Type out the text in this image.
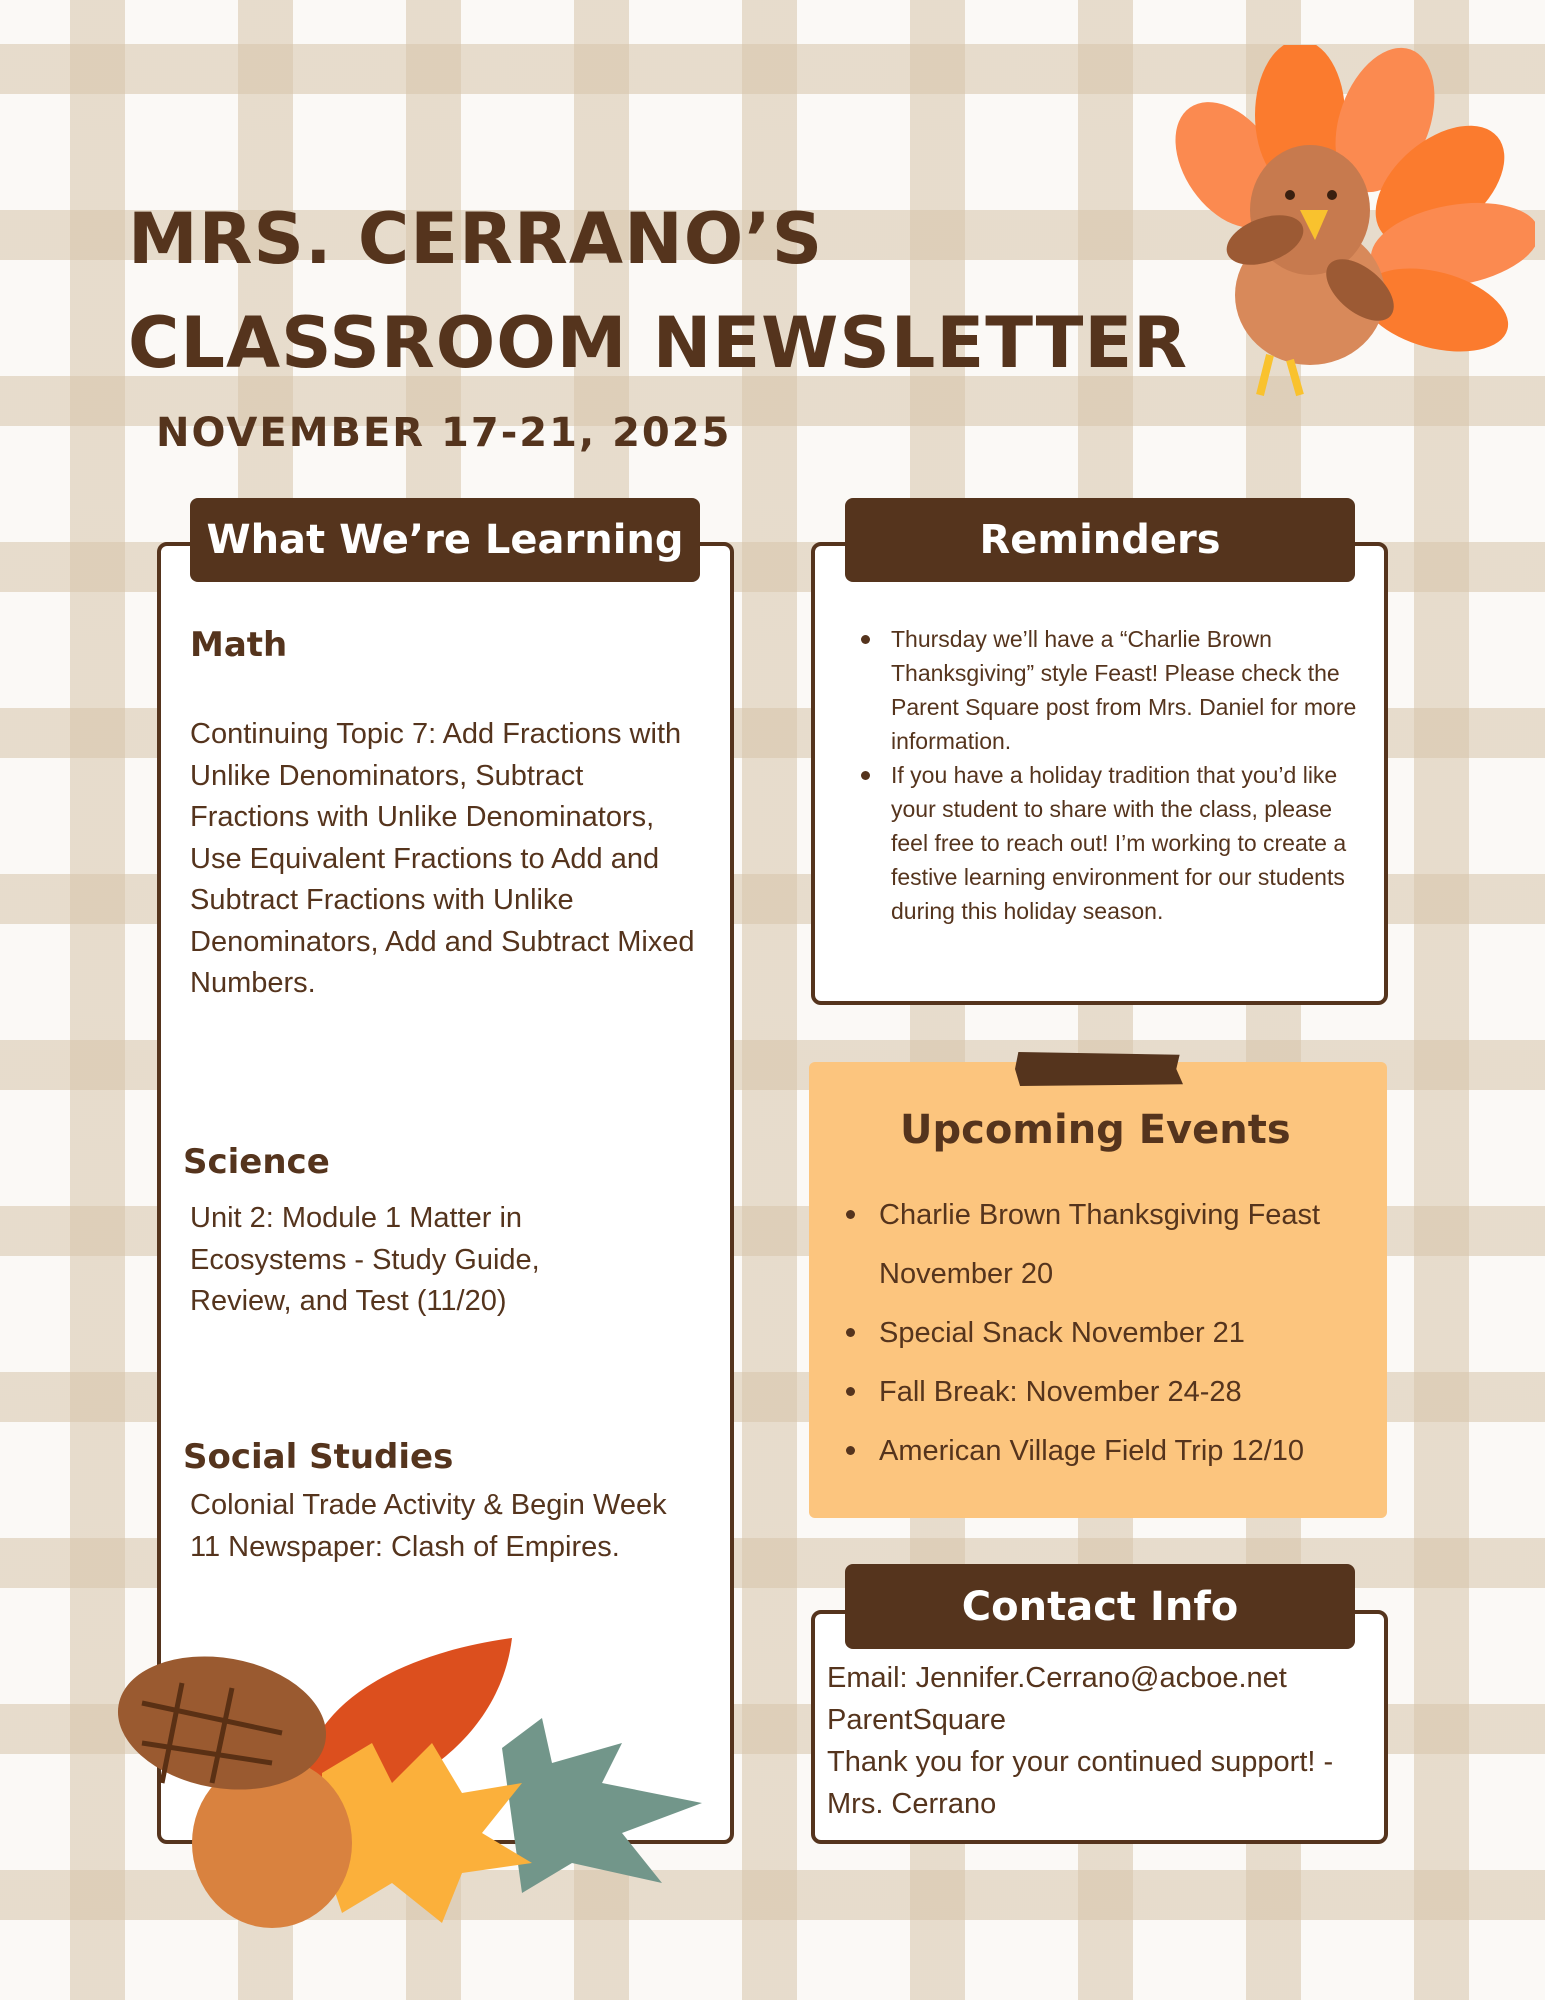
MRS. CERRANO’S
CLASSROOM NEWSLETTER
NOVEMBER 17-21, 2025
What We’re Learning
Math
Continuing Topic 7: Add Fractions with Unlike Denominators, Subtract Fractions with Unlike Denominators, Use Equivalent Fractions to Add and Subtract Fractions with Unlike Denominators, Add and Subtract Mixed Numbers.
Science
Unit 2: Module 1 Matter in Ecosystems - Study Guide, Review, and Test (11/20)
Social Studies
Colonial Trade Activity & Begin Week 11 Newspaper: Clash of Empires.
Reminders
Thursday we’ll have a “Charlie Brown Thanksgiving” style Feast! Please check the Parent Square post from Mrs. Daniel for more information.
If you have a holiday tradition that you’d like your student to share with the class, please feel free to reach out! I’m working to create a festive learning environment for our students during this holiday season.
Upcoming Events
Charlie Brown Thanksgiving Feast November 20
Special Snack November 21
Fall Break: November 24-28
American Village Field Trip 12/10
Contact Info
Email: Jennifer.Cerrano@acboe.net
ParentSquare
Thank you for your continued support! - Mrs. Cerrano
